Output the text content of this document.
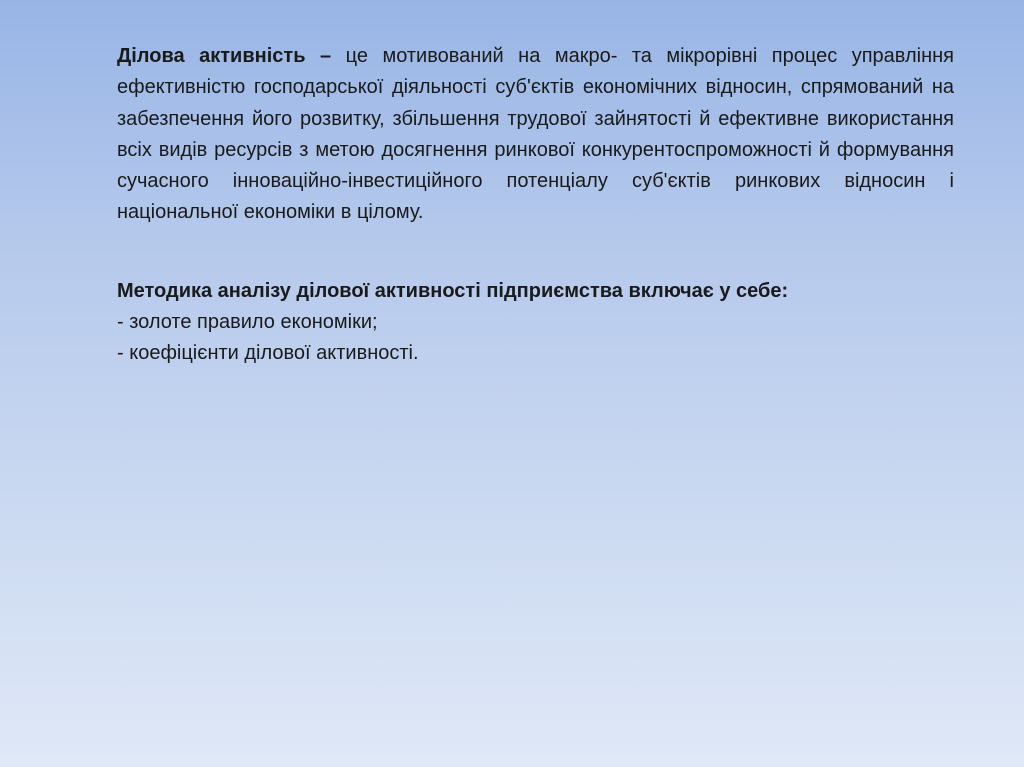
Ділова активність – це мотивований на макро- та мікрорівні процес управління ефективністю господарської діяльності суб'єктів економічних відносин, спрямований на забезпечення його розвитку, збільшення трудової зайнятості й ефективне використання всіх видів ресурсів з метою досягнення ринкової конкурентоспроможності й формування сучасного інноваційно-інвестиційного потенціалу суб'єктів ринкових відносин і національної економіки в цілому.

Методика аналізу ділової активності підприємства включає у себе:

- золоте правило економіки;
- коефіцієнти ділової активності.
